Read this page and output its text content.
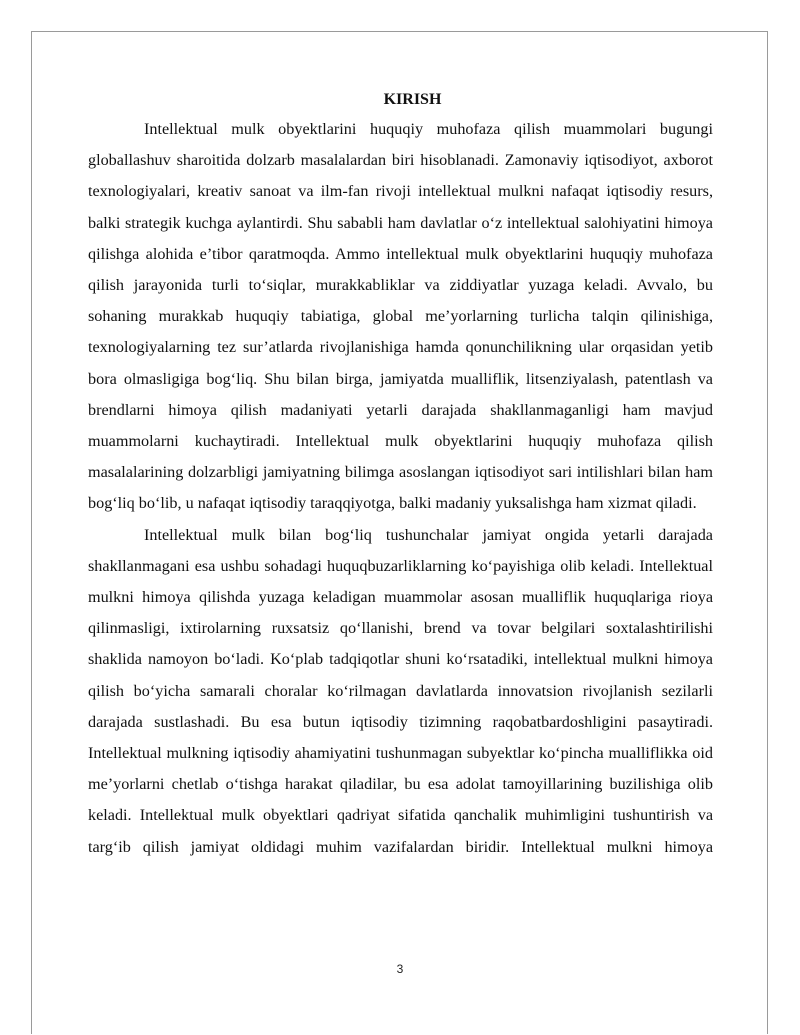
KIRISH

Intellektual mulk obyektlarini huquqiy muhofaza qilish muammolari bugungi globallashuv sharoitida dolzarb masalalardan biri hisoblanadi. Zamonaviy iqtisodiyot, axborot texnologiyalari, kreativ sanoat va ilm-fan rivoji intellektual mulkni nafaqat iqtisodiy resurs, balki strategik kuchga aylantirdi. Shu sababli ham davlatlar o‘z intellektual salohiyatini himoya qilishga alohida e’tibor qaratmoqda. Ammo intellektual mulk obyektlarini huquqiy muhofaza qilish jarayonida turli to‘siqlar, murakkabliklar va ziddiyatlar yuzaga keladi. Avvalo, bu sohaning murakkab huquqiy tabiatiga, global me’yorlarning turlicha talqin qilinishiga, texnologiyalarning tez sur’atlarda rivojlanishiga hamda qonunchilikning ular orqasidan yetib bora olmasligiga bog‘liq. Shu bilan birga, jamiyatda mualliflik, litsenziyalash, patentlash va brendlarni himoya qilish madaniyati yetarli darajada shakllanmaganligi ham mavjud muammolarni kuchaytiradi. Intellektual mulk obyektlarini huquqiy muhofaza qilish masalalarining dolzarbligi jamiyatning bilimga asoslangan iqtisodiyot sari intilishlari bilan ham bog‘liq bo‘lib, u nafaqat iqtisodiy taraqqiyotga, balki madaniy yuksalishga ham xizmat qiladi.

Intellektual mulk bilan bog‘liq tushunchalar jamiyat ongida yetarli darajada shakllanmagani esa ushbu sohadagi huquqbuzarliklarning ko‘payishiga olib keladi. Intellektual mulkni himoya qilishda yuzaga keladigan muammolar asosan mualliflik huquqlariga rioya qilinmasligi, ixtirolarning ruxsatsiz qo‘llanishi, brend va tovar belgilari soxtalashtirilishi shaklida namoyon bo‘ladi. Ko‘plab tadqiqotlar shuni ko‘rsatadiki, intellektual mulkni himoya qilish bo‘yicha samarali choralar ko‘rilmagan davlatlarda innovatsion rivojlanish sezilarli darajada sustlashadi. Bu esa butun iqtisodiy tizimning raqobatbardoshligini pasaytiradi. Intellektual mulkning iqtisodiy ahamiyatini tushunmagan subyektlar ko‘pincha mualliflikka oid me’yorlarni chetlab o‘tishga harakat qiladilar, bu esa adolat tamoyillarining buzilishiga olib keladi. Intellektual mulk obyektlari qadriyat sifatida qanchalik muhimligini tushuntirish va targ‘ib qilish jamiyat oldidagi muhim vazifalardan biridir. Intellektual mulkni himoya

3
